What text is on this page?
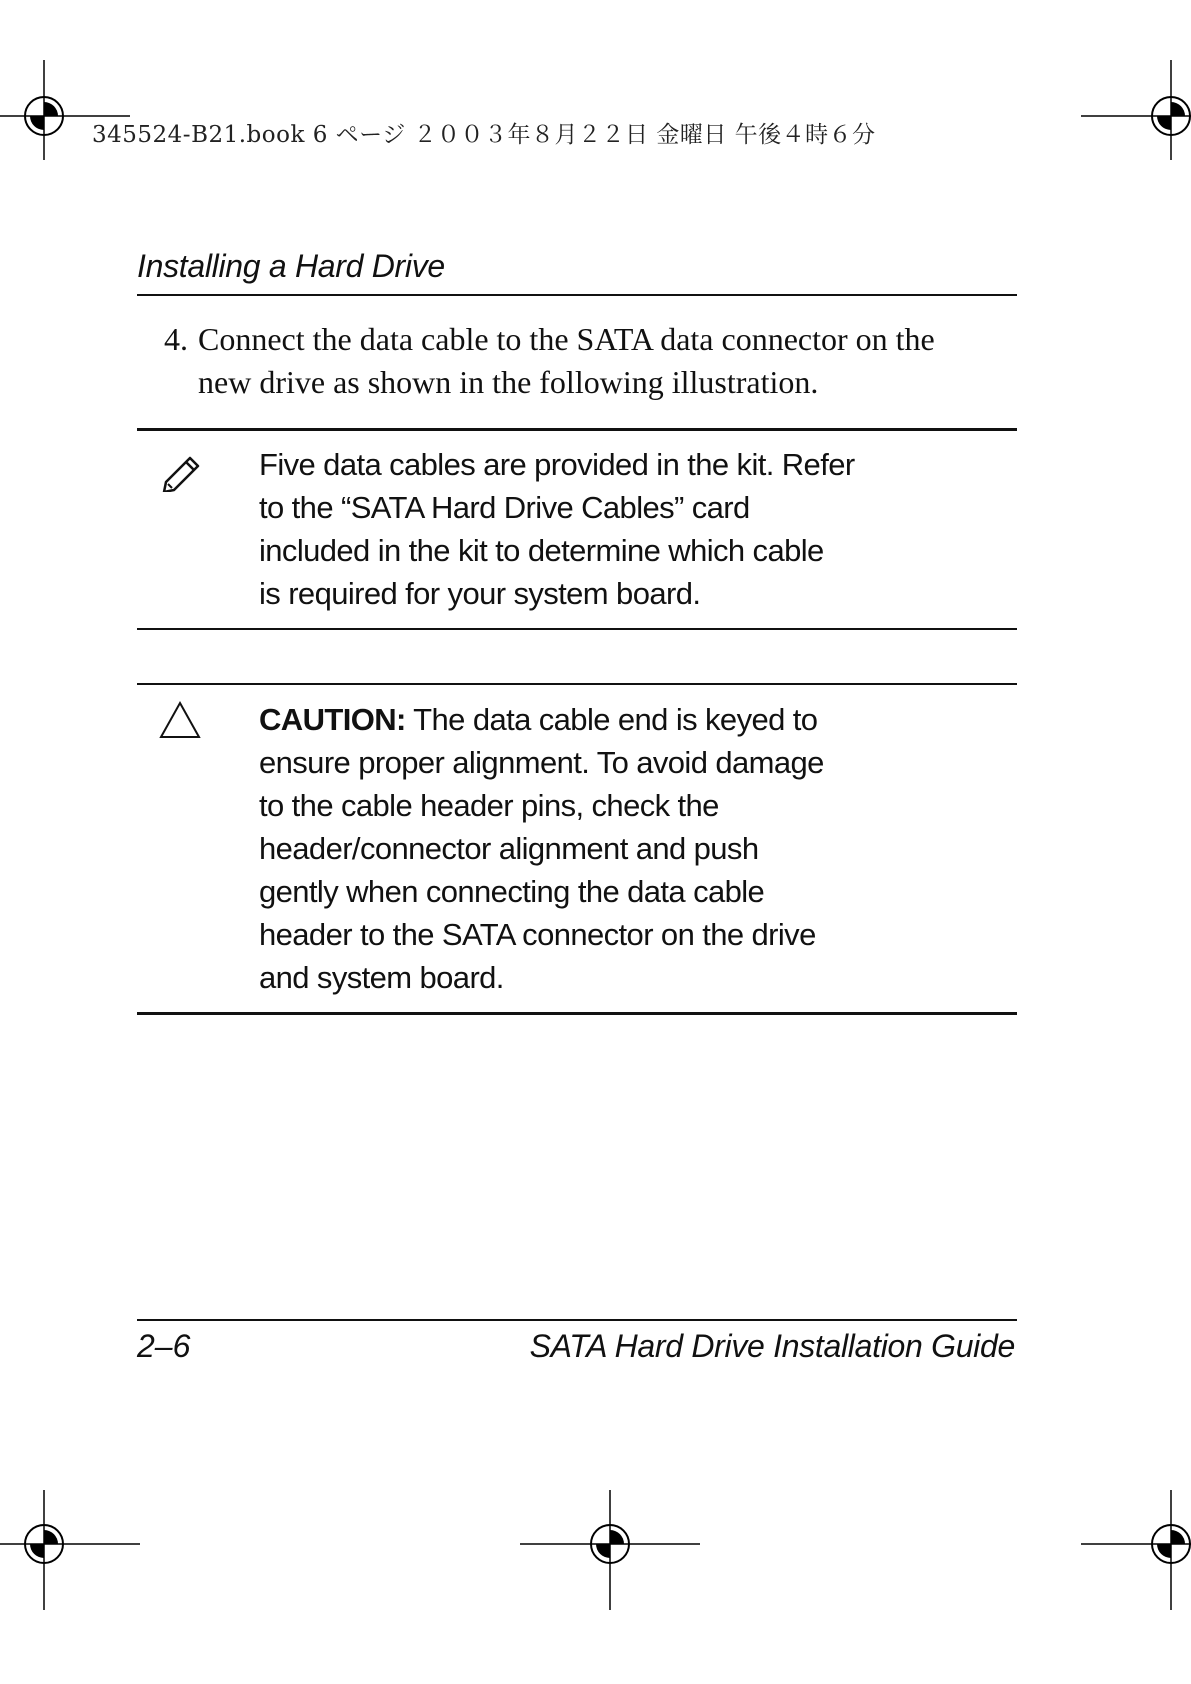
345524-B21.book 6 ページ ２００３年８月２２日 金曜日 午後４時６分
Installing a Hard Drive
4. Connect the data cable to the SATA data connector on the
new drive as shown in the following illustration.
Five data cables are provided in the kit. Refer
to the “SATA Hard Drive Cables” card
included in the kit to determine which cable
is required for your system board.
CAUTION: The data cable end is keyed to
ensure proper alignment. To avoid damage
to the cable header pins, check the
header/connector alignment and push
gently when connecting the data cable
header to the SATA connector on the drive
and system board.
2–6	SATA Hard Drive Installation Guide
